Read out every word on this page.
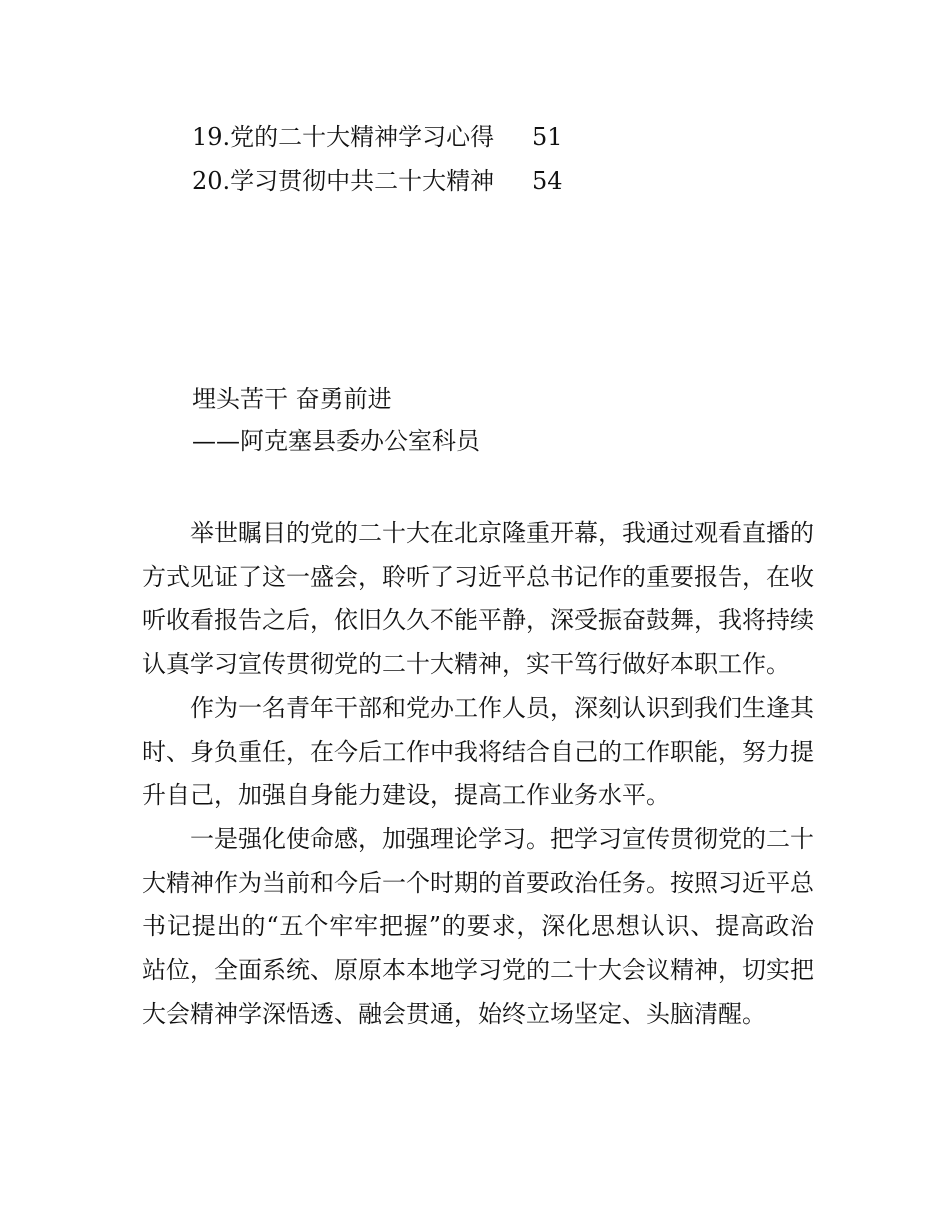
19.党的二十大精神学习心得 51
20.学习贯彻中共二十大精神 54
埋头苦干 奋勇前进
——阿克塞县委办公室科员

举世瞩目的党的二十大在北京隆重开幕，我通过观看直播的方式见证了这一盛会，聆听了习近平总书记作的重要报告，在收听收看报告之后，依旧久久不能平静，深受振奋鼓舞，我将持续认真学习宣传贯彻党的二十大精神，实干笃行做好本职工作。

作为一名青年干部和党办工作人员，深刻认识到我们生逢其时、身负重任，在今后工作中我将结合自己的工作职能，努力提升自己，加强自身能力建设，提高工作业务水平。

一是强化使命感，加强理论学习。把学习宣传贯彻党的二十大精神作为当前和今后一个时期的首要政治任务。按照习近平总书记提出的“五个牢牢把握”的要求，深化思想认识、提高政治站位，全面系统、原原本本地学习党的二十大会议精神，切实把大会精神学深悟透、融会贯通，始终立场坚定、头脑清醒。
